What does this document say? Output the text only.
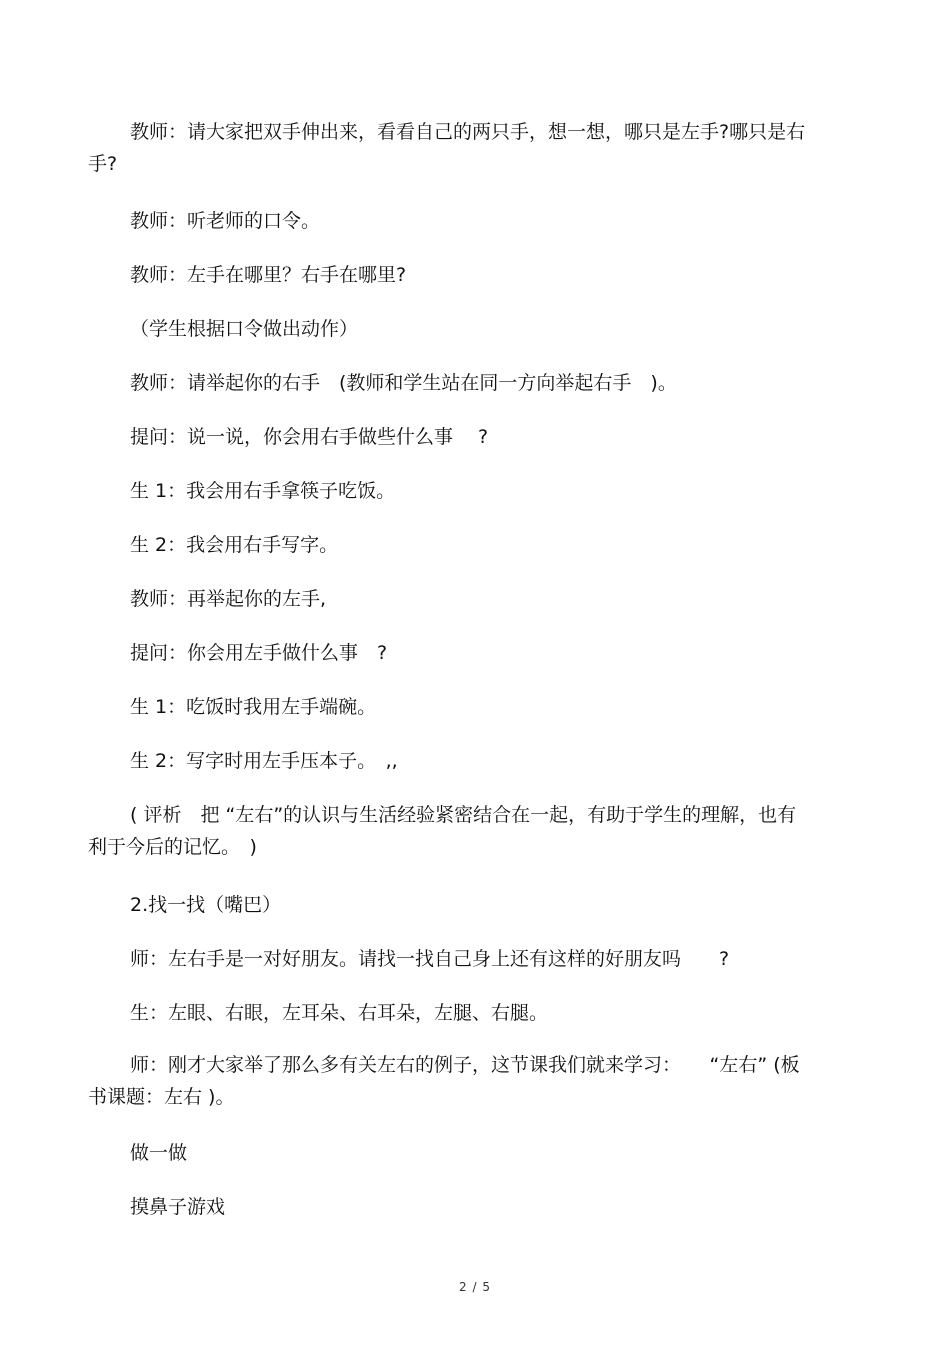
教师：请大家把双手伸出来，看看自己的两只手，想一想，哪只是左手?哪只是右手?

教师：听老师的口令。

教师：左手在哪里？右手在哪里?

（学生根据口令做出动作）

教师：请举起你的右手　(教师和学生站在同一方向举起右手　)。

提问：说一说，你会用右手做些什么事　 ?

生 1：我会用右手拿筷子吃饭。

生 2：我会用右手写字。

教师：再举起你的左手,

提问：你会用左手做什么事　?

生 1：吃饭时我用左手端碗。

生 2：写字时用左手压本子。　,,

( 评析　把 “左右”的认识与生活经验紧密结合在一起，有助于学生的理解，也有利于今后的记忆。　)

2.找一找（嘴巴）

师：左右手是一对好朋友。请找一找自己身上还有这样的好朋友吗　　?

生：左眼、右眼，左耳朵、右耳朵，左腿、右腿。

师：刚才大家举了那么多有关左右的例子，这节课我们就来学习：　　“左右” (板书课题：左右 )。

做一做

摸鼻子游戏

2 / 5
